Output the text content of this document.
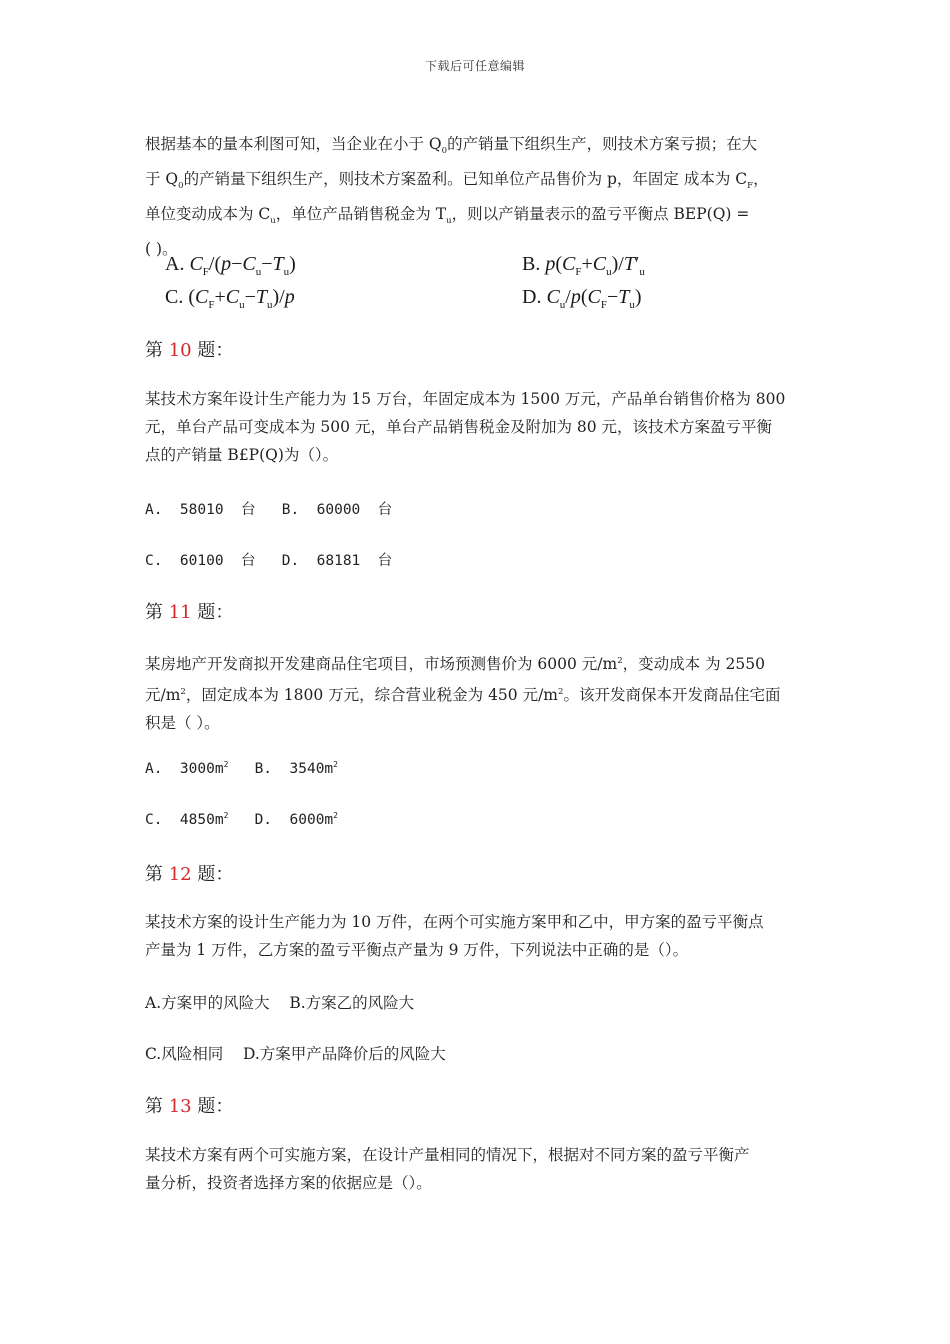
下载后可任意编辑
根据基本的量本利图可知，当企业在小于 $Q_0$的产销量下组织生产，则技术方案亏损；在大
于 $Q_0$的产销量下组织生产，则技术方案盈利。已知单位产品售价为 p，年固定 成本为 $C_F$，
单位变动成本为 $C_u$，单位产品销售税金为 $T_u$，则以产销量表示的盈亏平衡点 BEP(Q) =
( )。
A. $C_F/(p-C_u-T_u)$	B. $p(C_F+C_u)/T'_u$
C. $(C_F+C_u-T_u)/p$	D. $C_u/p(C_F-T_u)$
第 10 题：
某技术方案年设计生产能力为 15 万台，年固定成本为 1500 万元，产品单台销售价格为 800
元，单台产品可变成本为 500 元，单台产品销售税金及附加为 80 元，该技术方案盈亏平衡
点的产销量 B£P(Q)为（）。
A.  58010  台   B.  60000  台
C.  60100  台   D.  68181  台
第 11 题：
某房地产开发商拟开发建商品住宅项目，市场预测售价为 6000 元$/m^2$，变动成本 为 2550
元$/m^2$，固定成本为 1800 万元，综合营业税金为 450 元$/m^2$。该开发商保本开发商品住宅面
积是（ ）。
A.  $3000m^2$   B.  $3540m^2$
C.  $4850m^2$   D.  $6000m^2$
第 12 题：
某技术方案的设计生产能力为 10 万件，在两个可实施方案甲和乙中，甲方案的盈亏平衡点
产量为 1 万件，乙方案的盈亏平衡点产量为 9 万件，下列说法中正确的是（）。
A.方案甲的风险大    B.方案乙的风险大
C.风险相同    D.方案甲产品降价后的风险大
第 13 题：
某技术方案有两个可实施方案，在设计产量相同的情况下，根据对不同方案的盈亏平衡产
量分析，投资者选择方案的依据应是（）。
